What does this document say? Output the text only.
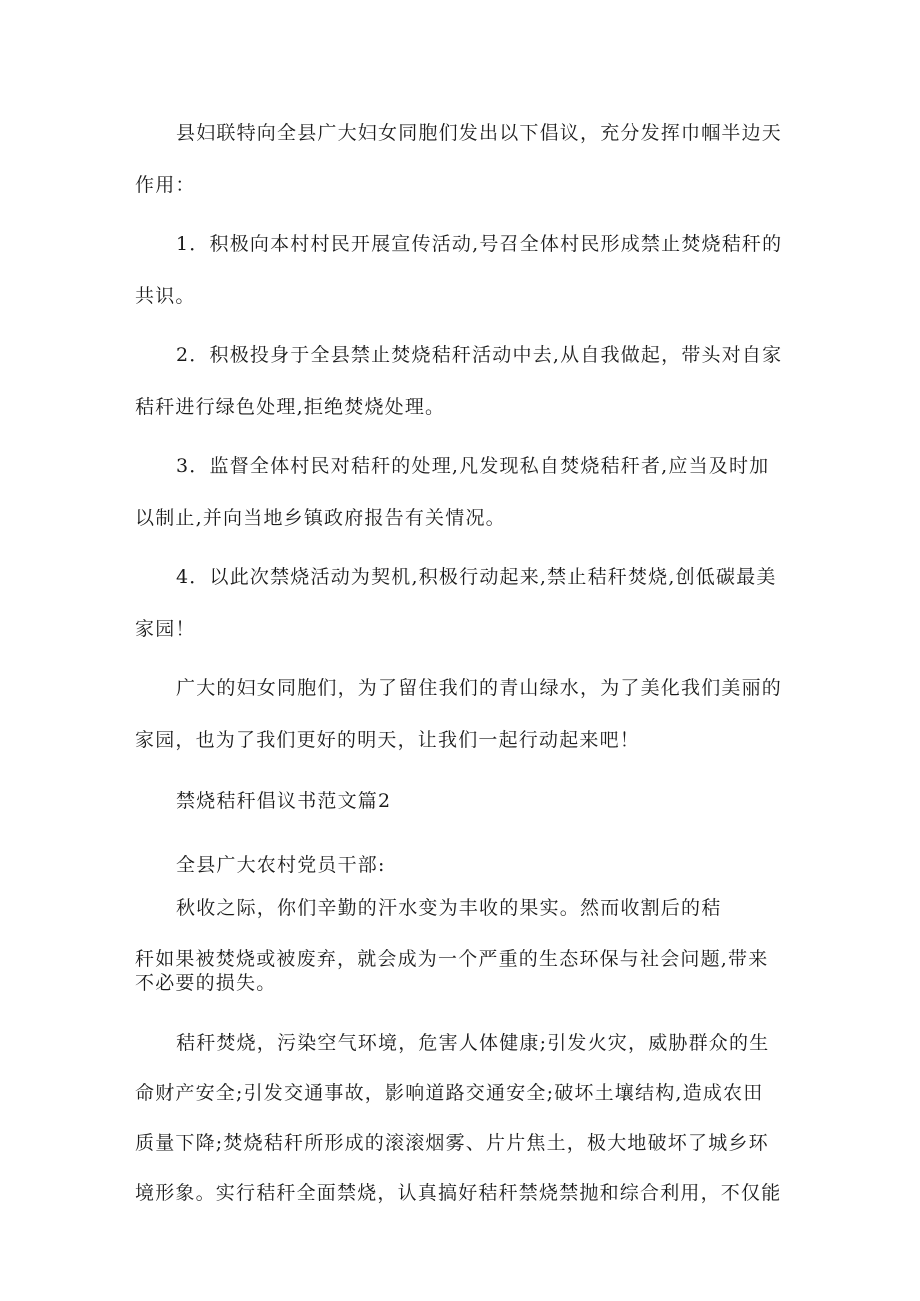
县妇联特向全县广大妇女同胞们发出以下倡议，充分发挥巾帼半边天

作用：

1．积极向本村村民开展宣传活动,号召全体村民形成禁止焚烧秸秆的

共识。

2．积极投身于全县禁止焚烧秸秆活动中去,从自我做起，带头对自家

秸秆进行绿色处理,拒绝焚烧处理。

3．监督全体村民对秸秆的处理,凡发现私自焚烧秸秆者,应当及时加

以制止,并向当地乡镇政府报告有关情况。

4．以此次禁烧活动为契机,积极行动起来,禁止秸秆焚烧,创低碳最美

家园！

广大的妇女同胞们，为了留住我们的青山绿水，为了美化我们美丽的

家园，也为了我们更好的明天，让我们一起行动起来吧！

禁烧秸秆倡议书范文篇2

全县广大农村党员干部:

秋收之际，你们辛勤的汗水变为丰收的果实。然而收割后的秸

秆如果被焚烧或被废弃，就会成为一个严重的生态环保与社会问题,带来

不必要的损失。

秸秆焚烧，污染空气环境，危害人体健康;引发火灾，威胁群众的生

命财产安全;引发交通事故，影响道路交通安全;破坏土壤结构,造成农田

质量下降;焚烧秸秆所形成的滚滚烟雾、片片焦土，极大地破坏了城乡环

境形象。实行秸秆全面禁烧，认真搞好秸秆禁烧禁抛和综合利用，不仅能
